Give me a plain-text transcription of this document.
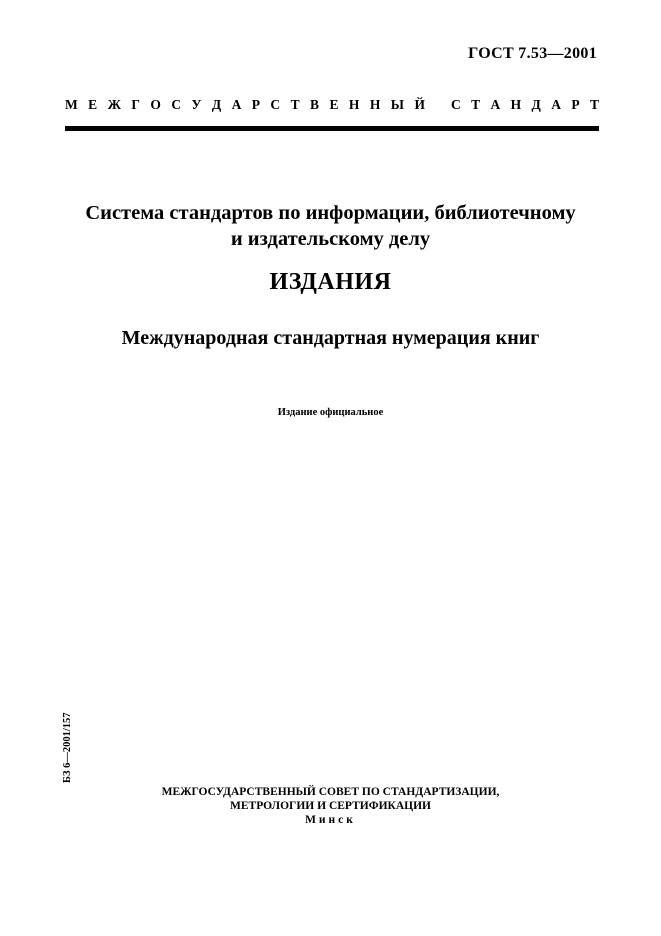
ГОСТ 7.53—2001
М Е Ж Г О С У Д А Р С Т В Е Н Н Ы Й С Т А Н Д А Р Т
Система стандартов по информации, библиотечному
и издательскому делу
ИЗДАНИЯ
Международная стандартная нумерация книг
Издание официальное
БЗ 6—2001/157
МЕЖГОСУДАРСТВЕННЫЙ СОВЕТ ПО СТАНДАРТИЗАЦИИ,
МЕТРОЛОГИИ И СЕРТИФИКАЦИИ
Минск
